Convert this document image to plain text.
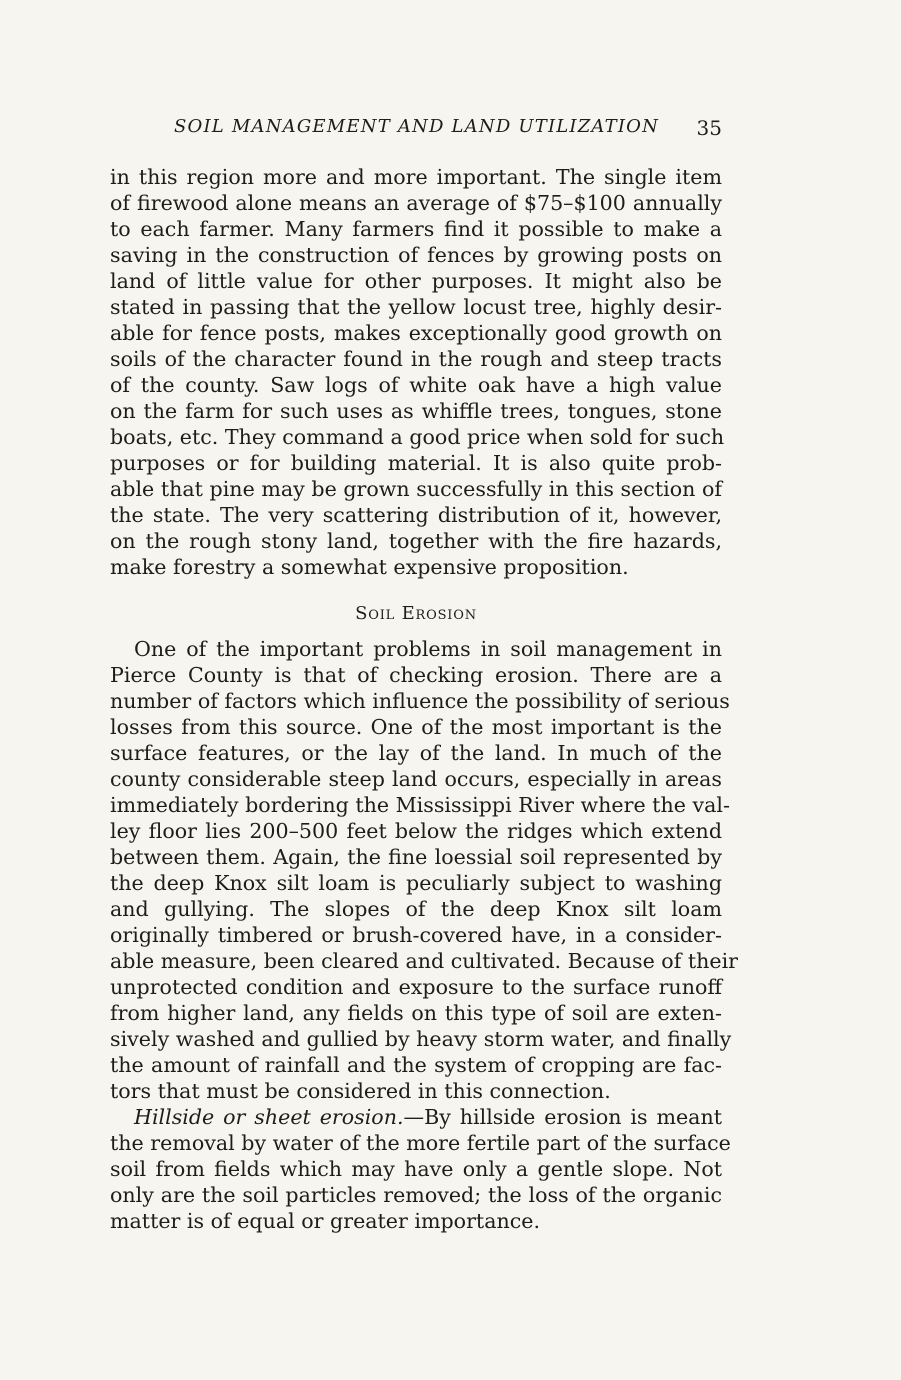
SOIL MANAGEMENT AND LAND UTILIZATION 35
in this region more and more important. The single item
of firewood alone means an average of $75–$100 annually
to each farmer. Many farmers find it possible to make a
saving in the construction of fences by growing posts on
land of little value for other purposes. It might also be
stated in passing that the yellow locust tree, highly desir-
able for fence posts, makes exceptionally good growth on
soils of the character found in the rough and steep tracts
of the county. Saw logs of white oak have a high value
on the farm for such uses as whiffle trees, tongues, stone
boats, etc. They command a good price when sold for such
purposes or for building material. It is also quite prob-
able that pine may be grown successfully in this section of
the state. The very scattering distribution of it, however,
on the rough stony land, together with the fire hazards,
make forestry a somewhat expensive proposition.
Soil Erosion
One of the important problems in soil management in
Pierce County is that of checking erosion. There are a
number of factors which influence the possibility of serious
losses from this source. One of the most important is the
surface features, or the lay of the land. In much of the
county considerable steep land occurs, especially in areas
immediately bordering the Mississippi River where the val-
ley floor lies 200–500 feet below the ridges which extend
between them. Again, the fine loessial soil represented by
the deep Knox silt loam is peculiarly subject to washing
and gullying. The slopes of the deep Knox silt loam
originally timbered or brush-covered have, in a consider-
able measure, been cleared and cultivated. Because of their
unprotected condition and exposure to the surface runoff
from higher land, any fields on this type of soil are exten-
sively washed and gullied by heavy storm water, and finally
the amount of rainfall and the system of cropping are fac-
tors that must be considered in this connection.
Hillside or sheet erosion.—By hillside erosion is meant
the removal by water of the more fertile part of the surface
soil from fields which may have only a gentle slope. Not
only are the soil particles removed; the loss of the organic
matter is of equal or greater importance.
